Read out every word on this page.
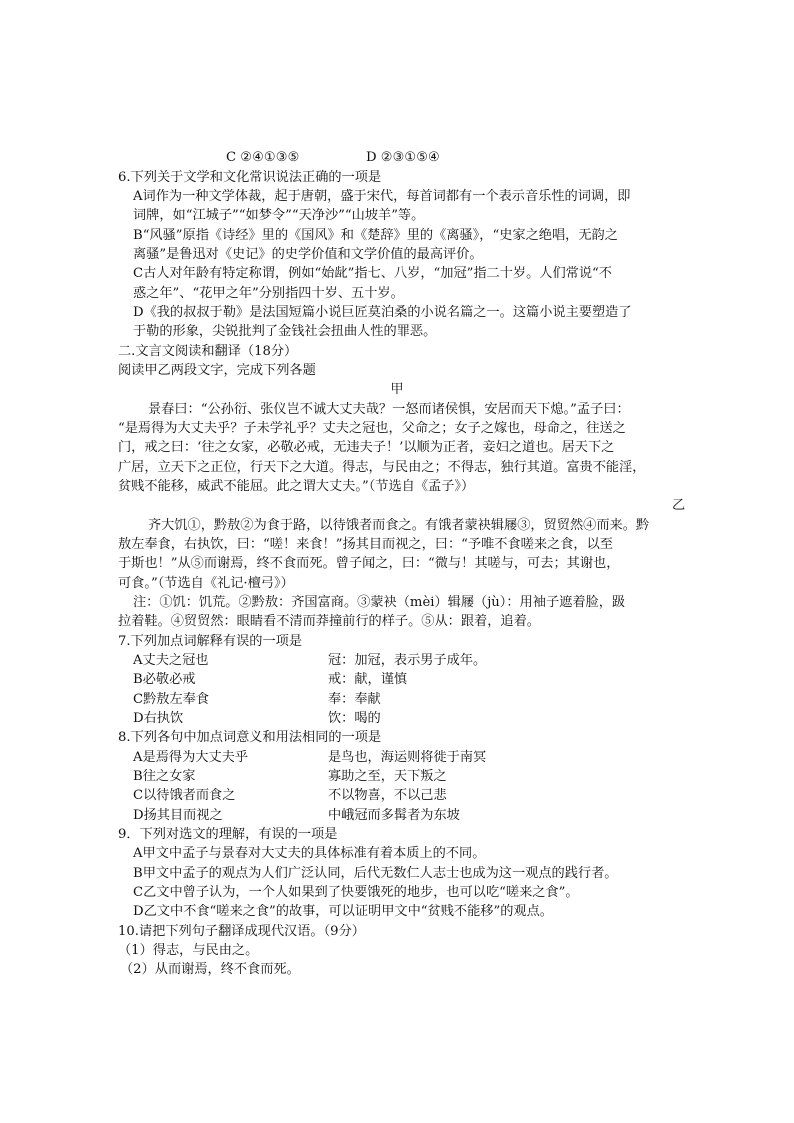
C ②④①③⑤	D ②③①⑤④
6.下列关于文学和文化常识说法正确的一项是
A词作为一种文学体裁，起于唐朝，盛于宋代，每首词都有一个表示音乐性的词调，即
词牌，如“江城子”“如梦令”“天净沙”“山坡羊”等。
B“风骚”原指《诗经》里的《国风》和《楚辞》里的《离骚》，“史家之绝唱，无韵之
离骚”是鲁迅对《史记》的史学价值和文学价值的最高评价。
C古人对年龄有特定称谓，例如“始龀”指七、八岁，“加冠”指二十岁。人们常说“不
惑之年”、“花甲之年”分别指四十岁、五十岁。
D《我的叔叔于勒》是法国短篇小说巨匠莫泊桑的小说名篇之一。这篇小说主要塑造了
于勒的形象，尖锐批判了金钱社会扭曲人性的罪恶。
二.文言文阅读和翻译（18分）
阅读甲乙两段文字，完成下列各题
甲
景春曰：“公孙衍、张仪岂不诚大丈夫哉？一怒而诸侯惧，安居而天下熄。”孟子曰：
“是焉得为大丈夫乎？子未学礼乎？丈夫之冠也，父命之；女子之嫁也，母命之，往送之
门，戒之曰：‘往之女家，必敬必戒，无违夫子！’以顺为正者，妾妇之道也。居天下之
广居，立天下之正位，行天下之大道。得志，与民由之；不得志，独行其道。富贵不能淫，
贫贱不能移，威武不能屈。此之谓大丈夫。”（节选自《孟子》）
乙
齐大饥①，黔敖②为食于路，以待饿者而食之。有饿者蒙袂辑屦③，贸贸然④而来。黔
敖左奉食，右执饮，曰：“嗟！来食！”扬其目而视之，曰：“予唯不食嗟来之食，以至
于斯也！”从⑤而谢焉，终不食而死。曾子闻之，曰：“微与！其嗟与，可去；其谢也，
可食。”（节选自《礼记·檀弓》）
注：①饥：饥荒。②黔敖：齐国富商。③蒙袂（mèi）辑屦（jù）：用袖子遮着脸，趿
拉着鞋。④贸贸然：眼睛看不清而莽撞前行的样子。⑤从：跟着，追着。
7.下列加点词解释有误的一项是
A丈夫之冠也	冠：加冠，表示男子成年。
B必敬必戒	戒：献，谨慎
C黔敖左奉食	奉：奉献
D右执饮	饮：喝的
8.下列各句中加点词意义和用法相同的一项是
A是焉得为大丈夫乎	是鸟也，海运则将徙于南冥
B往之女家	寡助之至，天下叛之
C以待饿者而食之	不以物喜，不以己悲
D扬其目而视之	中峨冠而多髯者为东坡
9．下列对选文的理解，有误的一项是
A甲文中孟子与景春对大丈夫的具体标准有着本质上的不同。
B甲文中孟子的观点为人们广泛认同，后代无数仁人志士也成为这一观点的践行者。
C乙文中曾子认为，一个人如果到了快要饿死的地步，也可以吃“嗟来之食”。
D乙文中不食“嗟来之食”的故事，可以证明甲文中“贫贱不能移”的观点。
10.请把下列句子翻译成现代汉语。（9分）
（1）得志，与民由之。
（2）从而谢焉，终不食而死。
